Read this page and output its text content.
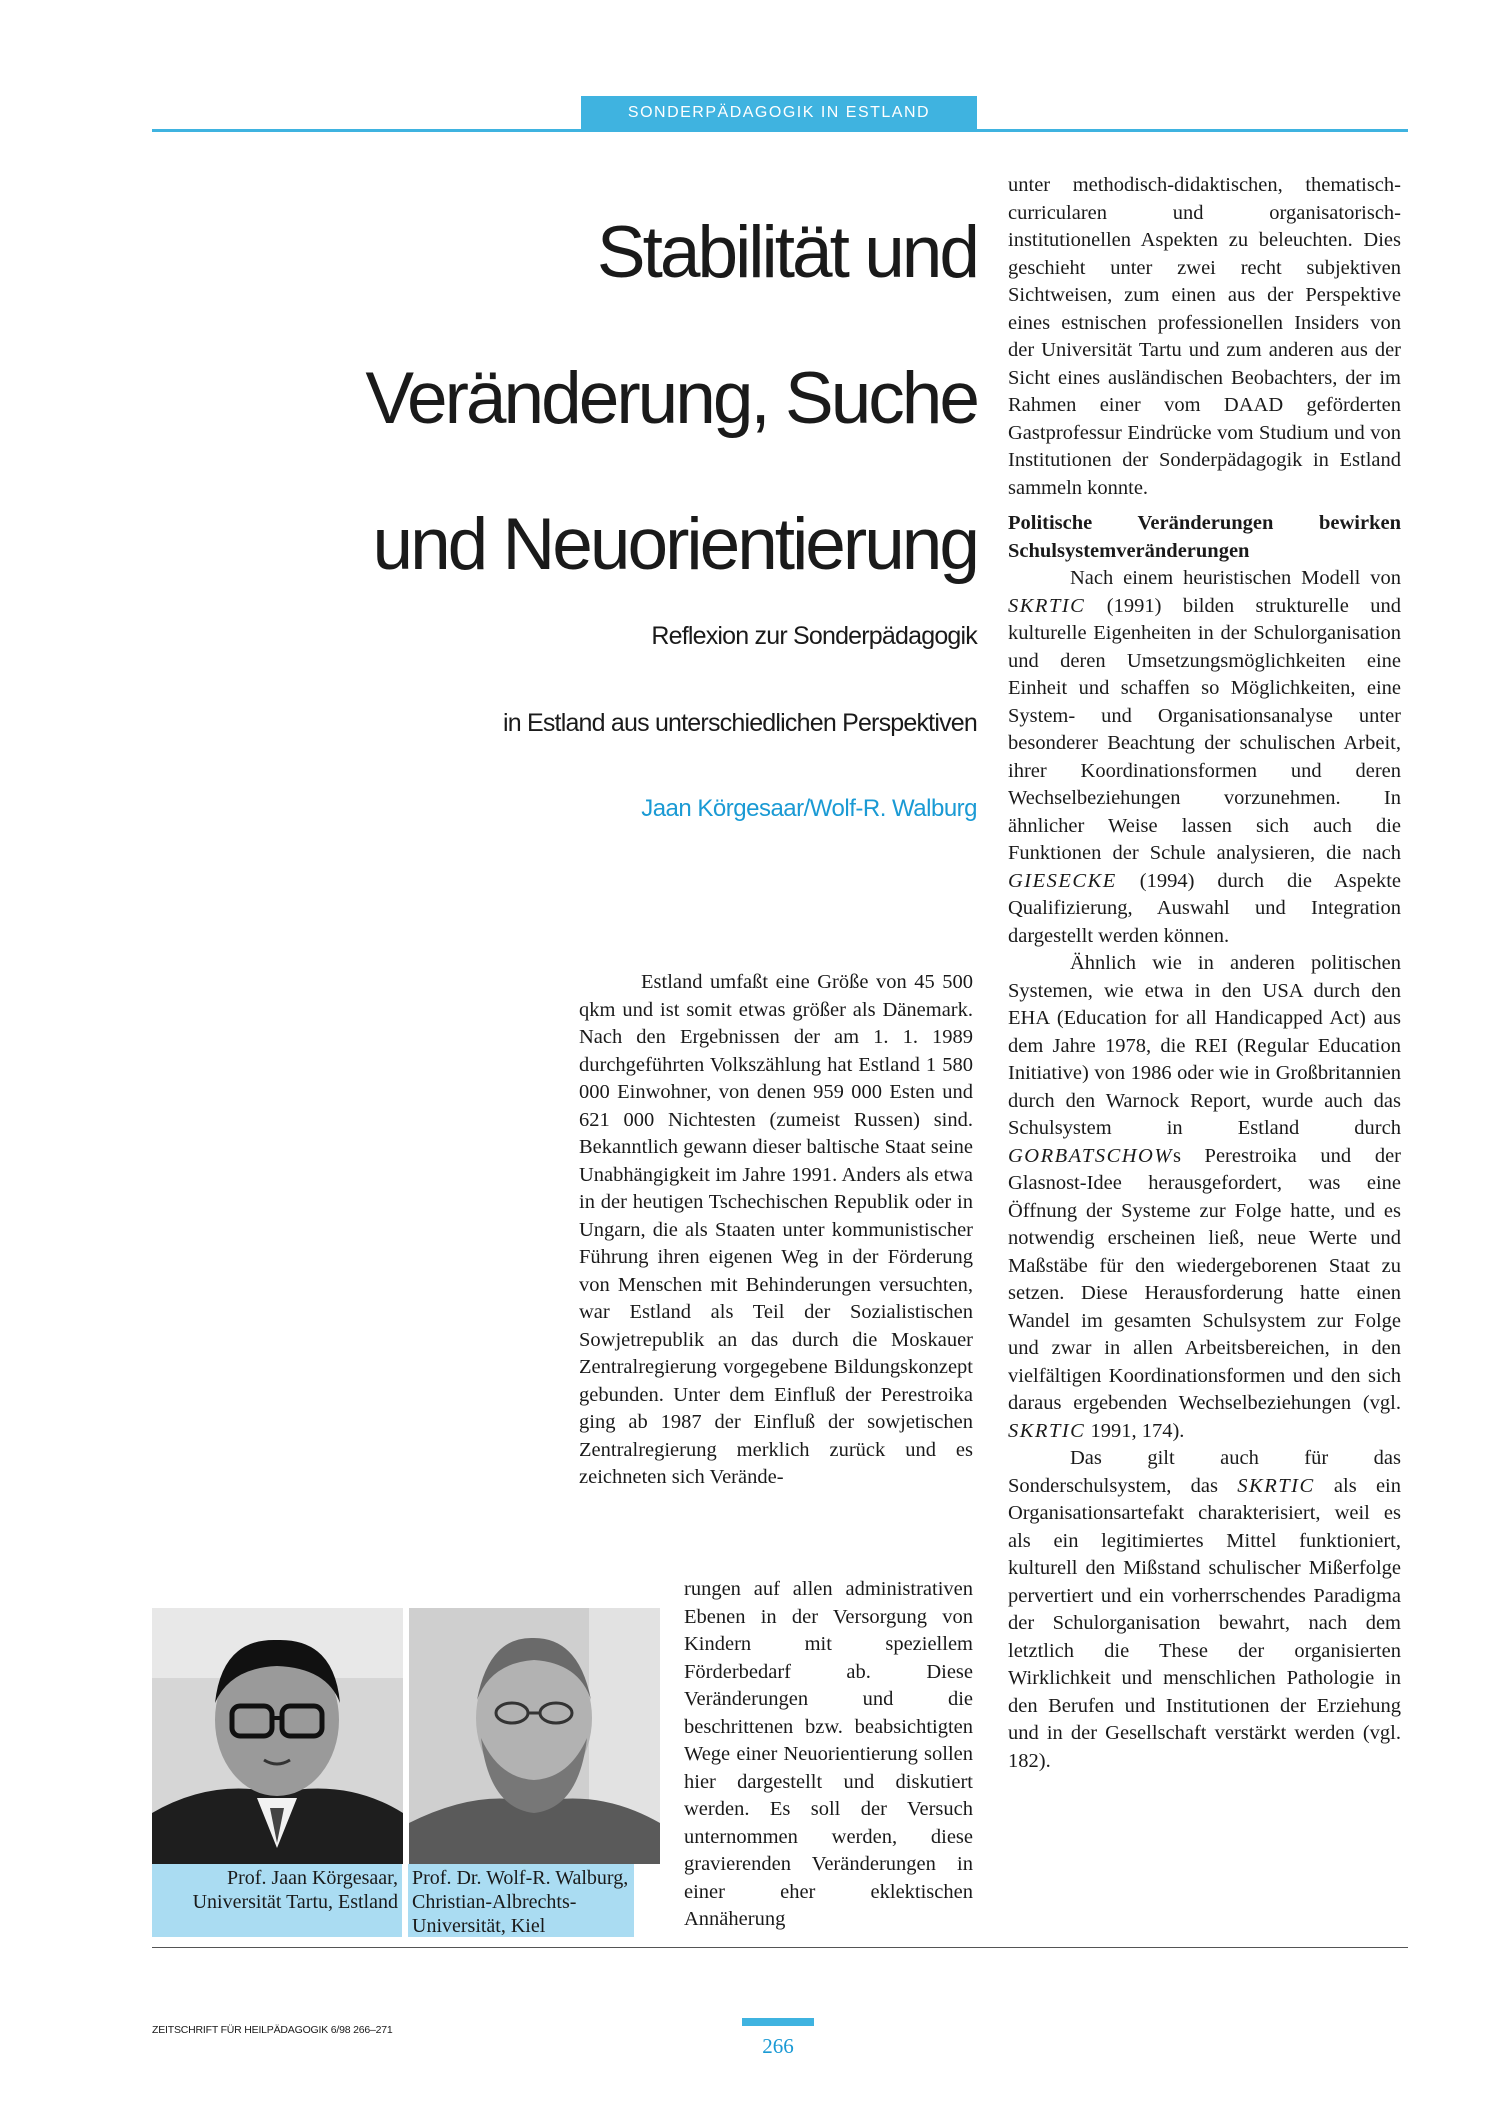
SONDERPÄDAGOGIK IN ESTLAND
Stabilität und
Veränderung, Suche
und Neuorientierung
Reflexion zur Sonderpädagogik
in Estland aus unterschiedlichen Perspektiven
Jaan Körgesaar/Wolf-R. Walburg

Estland umfaßt eine Größe von 45 500 qkm und ist somit etwas größer als Dänemark. Nach den Ergebnissen der am 1. 1. 1989 durchgeführten Volkszählung hat Estland 1 580 000 Einwohner, von denen 959 000 Esten und 621 000 Nichtesten (zumeist Russen) sind. Bekanntlich gewann dieser baltische Staat seine Unabhängigkeit im Jahre 1991. Anders als etwa in der heutigen Tschechischen Republik oder in Ungarn, die als Staaten unter kommunistischer Führung ihren eigenen Weg in der Förderung von Menschen mit Behinderungen versuchten, war Estland als Teil der Sozialistischen Sowjetrepublik an das durch die Moskauer Zentralregierung vorgegebene Bildungskonzept gebunden. Unter dem Einfluß der Perestroika ging ab 1987 der Einfluß der sowjetischen Zentralregierung merklich zurück und es zeichneten sich Verände-

rungen auf allen administrativen Ebenen in der Versorgung von Kindern mit speziellem Förderbedarf ab. Diese Veränderungen und die beschrittenen bzw. beabsichtigten Wege einer Neuorientierung sollen hier dargestellt und diskutiert werden. Es soll der Versuch unternommen werden, diese gravierenden Veränderungen in einer eher eklektischen Annäherung

unter methodisch-didaktischen, thematisch-curricularen und organisatorisch-institutionellen Aspekten zu beleuchten. Dies geschieht unter zwei recht subjektiven Sichtweisen, zum einen aus der Perspektive eines estnischen professionellen Insiders von der Universität Tartu und zum anderen aus der Sicht eines ausländischen Beobachters, der im Rahmen einer vom DAAD geförderten Gastprofessur Eindrücke vom Studium und von Institutionen der Sonderpädagogik in Estland sammeln konnte.

Politische Veränderungen bewirken Schulsystemveränderungen

Nach einem heuristischen Modell von SKRTIC (1991) bilden strukturelle und kulturelle Eigenheiten in der Schulorganisation und deren Umsetzungsmöglichkeiten eine Einheit und schaffen so Möglichkeiten, eine System- und Organisationsanalyse unter besonderer Beachtung der schulischen Arbeit, ihrer Koordinationsformen und deren Wechselbeziehungen vorzunehmen. In ähnlicher Weise lassen sich auch die Funktionen der Schule analysieren, die nach GIESECKE (1994) durch die Aspekte Qualifizierung, Auswahl und Integration dargestellt werden können.

Ähnlich wie in anderen politischen Systemen, wie etwa in den USA durch den EHA (Education for all Handicapped Act) aus dem Jahre 1978, die REI (Regular Education Initiative) von 1986 oder wie in Großbritannien durch den Warnock Report, wurde auch das Schulsystem in Estland durch GORBATSCHOWs Perestroika und der Glasnost-Idee herausgefordert, was eine Öffnung der Systeme zur Folge hatte, und es notwendig erscheinen ließ, neue Werte und Maßstäbe für den wiedergeborenen Staat zu setzen. Diese Herausforderung hatte einen Wandel im gesamten Schulsystem zur Folge und zwar in allen Arbeitsbereichen, in den vielfältigen Koordinationsformen und den sich daraus ergebenden Wechselbeziehungen (vgl. SKRTIC 1991, 174).

Das gilt auch für das Sonderschulsystem, das SKRTIC als ein Organisationsartefakt charakterisiert, weil es als ein legitimiertes Mittel funktioniert, kulturell den Mißstand schulischer Mißerfolge pervertiert und ein vorherrschendes Paradigma der Schulorganisation bewahrt, nach dem letztlich die These der organisierten Wirklichkeit und menschlichen Pathologie in den Berufen und Institutionen der Erziehung und in der Gesellschaft verstärkt werden (vgl. 182).

Prof. Jaan Körgesaar,
Universität Tartu, Estland
Prof. Dr. Wolf-R. Walburg,
Christian-Albrechts-
Universität, Kiel
ZEITSCHRIFT FÜR HEILPÄDAGOGIK 6/98 266–271
266
